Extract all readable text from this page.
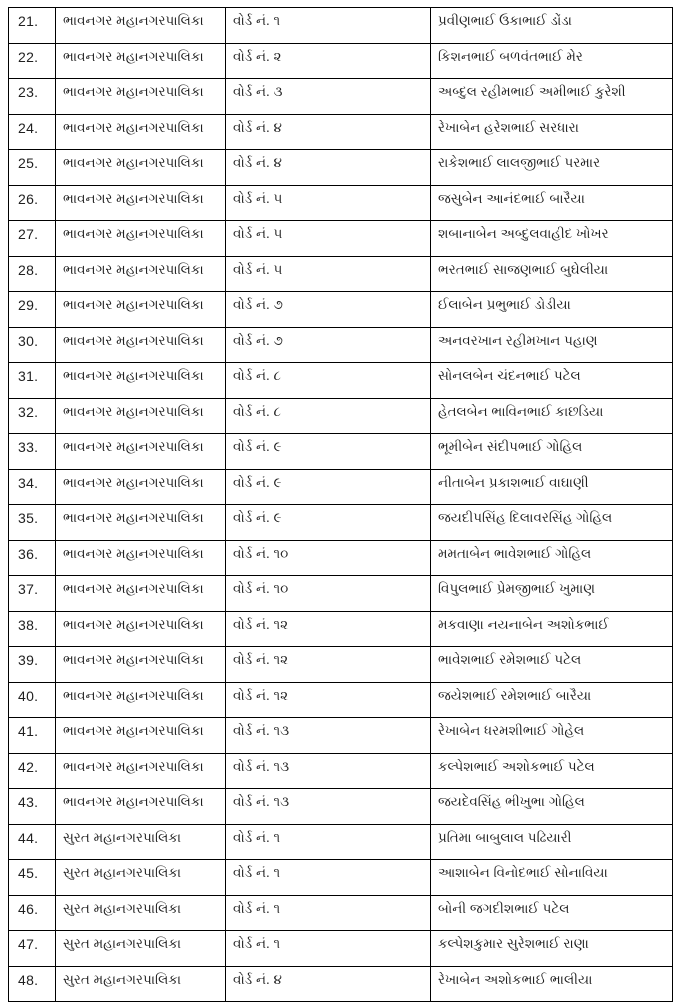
21.	ભાવનગર મહાનગરપાલિકા	વોર્ડ નં. ૧	પ્રવીણભાઈ ઉકાભાઈ ડોંડા
22.	ભાવનગર મહાનગરપાલિકા	વોર્ડ નં. ૨	કિશનભાઈ બળવંતભાઈ મેર
23.	ભાવનગર મહાનગરપાલિકા	વોર્ડ નં. ૩	અબ્દુલ રહીમભાઈ અમીભાઈ કુરેશી
24.	ભાવનગર મહાનગરપાલિકા	વોર્ડ નં. ૪	રેખાબેન હરેશભાઈ સરધારા
25.	ભાવનગર મહાનગરપાલિકા	વોર્ડ નં. ૪	રાકેશભાઈ લાલજીભાઈ પરમાર
26.	ભાવનગર મહાનગરપાલિકા	વોર્ડ નં. ૫	જસુબેન આનંદભાઈ બારૈયા
27.	ભાવનગર મહાનગરપાલિકા	વોર્ડ નં. ૫	શબાનાબેન અબ્દુલવાહીદ ખોખર
28.	ભાવનગર મહાનગરપાલિકા	વોર્ડ નં. ૫	ભરતભાઈ સાજણભાઈ બુઘેલીયા
29.	ભાવનગર મહાનગરપાલિકા	વોર્ડ નં. ૭	ઈલાબેન પ્રભુભાઈ ડોડીયા
30.	ભાવનગર મહાનગરપાલિકા	વોર્ડ નં. ૭	અનવરખાન રહીમખાન પહાણ
31.	ભાવનગર મહાનગરપાલિકા	વોર્ડ નં. ૮	સોનલબેન ચંદનભાઈ પટેલ
32.	ભાવનગર મહાનગરપાલિકા	વોર્ડ નં. ૮	હેતલબેન ભાવિનભાઈ કાછડિયા
33.	ભાવનગર મહાનગરપાલિકા	વોર્ડ નં. ૯	ભૂમીબેન સંદીપભાઈ ગોહિલ
34.	ભાવનગર મહાનગરપાલિકા	વોર્ડ નં. ૯	નીતાબેન પ્રકાશભાઈ વાઘાણી
35.	ભાવનગર મહાનગરપાલિકા	વોર્ડ નં. ૯	જયદીપસિંહ દિલાવરસિંહ ગોહિલ
36.	ભાવનગર મહાનગરપાલિકા	વોર્ડ નં. ૧૦	મમતાબેન ભાવેશભાઈ ગોહિલ
37.	ભાવનગર મહાનગરપાલિકા	વોર્ડ નં. ૧૦	વિપુલભાઈ પ્રેમજીભાઈ ખુમાણ
38.	ભાવનગર મહાનગરપાલિકા	વોર્ડ નં. ૧૨	મકવાણા નયનાબેન અશોકભાઈ
39.	ભાવનગર મહાનગરપાલિકા	વોર્ડ નં. ૧૨	ભાવેશભાઈ રમેશભાઈ પટેલ
40.	ભાવનગર મહાનગરપાલિકા	વોર્ડ નં. ૧૨	જયેશભાઈ રમેશભાઈ બારૈયા
41.	ભાવનગર મહાનગરપાલિકા	વોર્ડ નં. ૧૩	રેખાબેન ધરમશીભાઈ ગોહેલ
42.	ભાવનગર મહાનગરપાલિકા	વોર્ડ નં. ૧૩	કલ્પેશભાઈ અશોકભાઈ પટેલ
43.	ભાવનગર મહાનગરપાલિકા	વોર્ડ નં. ૧૩	જયદેવસિંહ ભીખુભા ગોહિલ
44.	સુરત મહાનગરપાલિકા	વોર્ડ નં. ૧	પ્રતિમા બાબુલાલ પઢિયારી
45.	સુરત મહાનગરપાલિકા	વોર્ડ નં. ૧	આશાબેન વિનોદભાઈ સોનાવિયા
46.	સુરત મહાનગરપાલિકા	વોર્ડ નં. ૧	બોની જગદીશભાઈ પટેલ
47.	સુરત મહાનગરપાલિકા	વોર્ડ નં. ૧	કલ્પેશકુમાર સુરેશભાઈ રાણા
48.	સુરત મહાનગરપાલિકા	વોર્ડ નં. ૪	રેખાબેન અશોકભાઈ ભાલીયા
